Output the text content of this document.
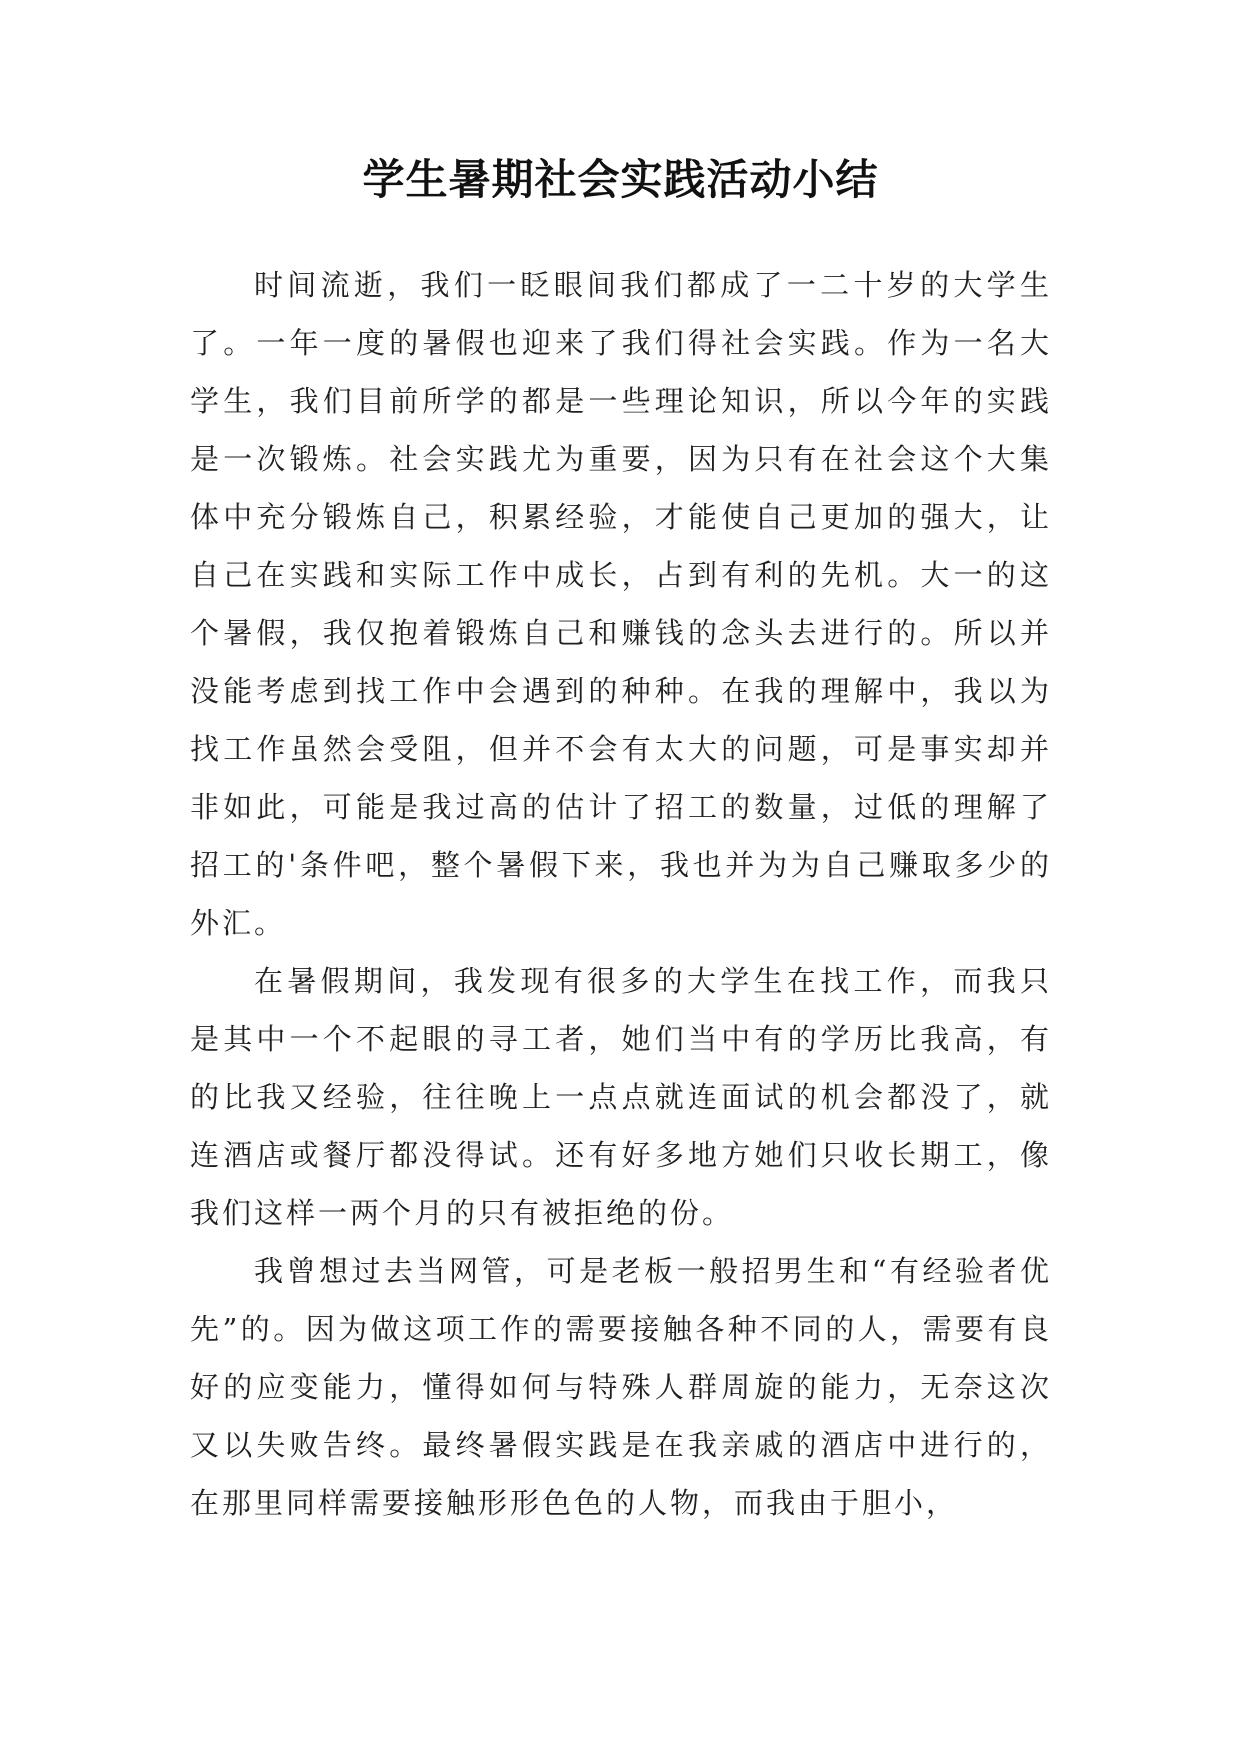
学生暑期社会实践活动小结

时间流逝，我们一眨眼间我们都成了一二十岁的大学生了。一年一度的暑假也迎来了我们得社会实践。作为一名大学生，我们目前所学的都是一些理论知识，所以今年的实践是一次锻炼。社会实践尤为重要，因为只有在社会这个大集体中充分锻炼自己，积累经验，才能使自己更加的强大，让自己在实践和实际工作中成长，占到有利的先机。大一的这个暑假，我仅抱着锻炼自己和赚钱的念头去进行的。所以并没能考虑到找工作中会遇到的种种。在我的理解中，我以为找工作虽然会受阻，但并不会有太大的问题，可是事实却并非如此，可能是我过高的估计了招工的数量，过低的理解了招工的'条件吧，整个暑假下来，我也并为为自己赚取多少的外汇。

在暑假期间，我发现有很多的大学生在找工作，而我只是其中一个不起眼的寻工者，她们当中有的学历比我高，有的比我又经验，往往晚上一点点就连面试的机会都没了，就连酒店或餐厅都没得试。还有好多地方她们只收长期工，像我们这样一两个月的只有被拒绝的份。

我曾想过去当网管，可是老板一般招男生和“有经验者优先”的。因为做这项工作的需要接触各种不同的人，需要有良好的应变能力，懂得如何与特殊人群周旋的能力，无奈这次又以失败告终。最终暑假实践是在我亲戚的酒店中进行的，在那里同样需要接触形形色色的人物，而我由于胆小，
